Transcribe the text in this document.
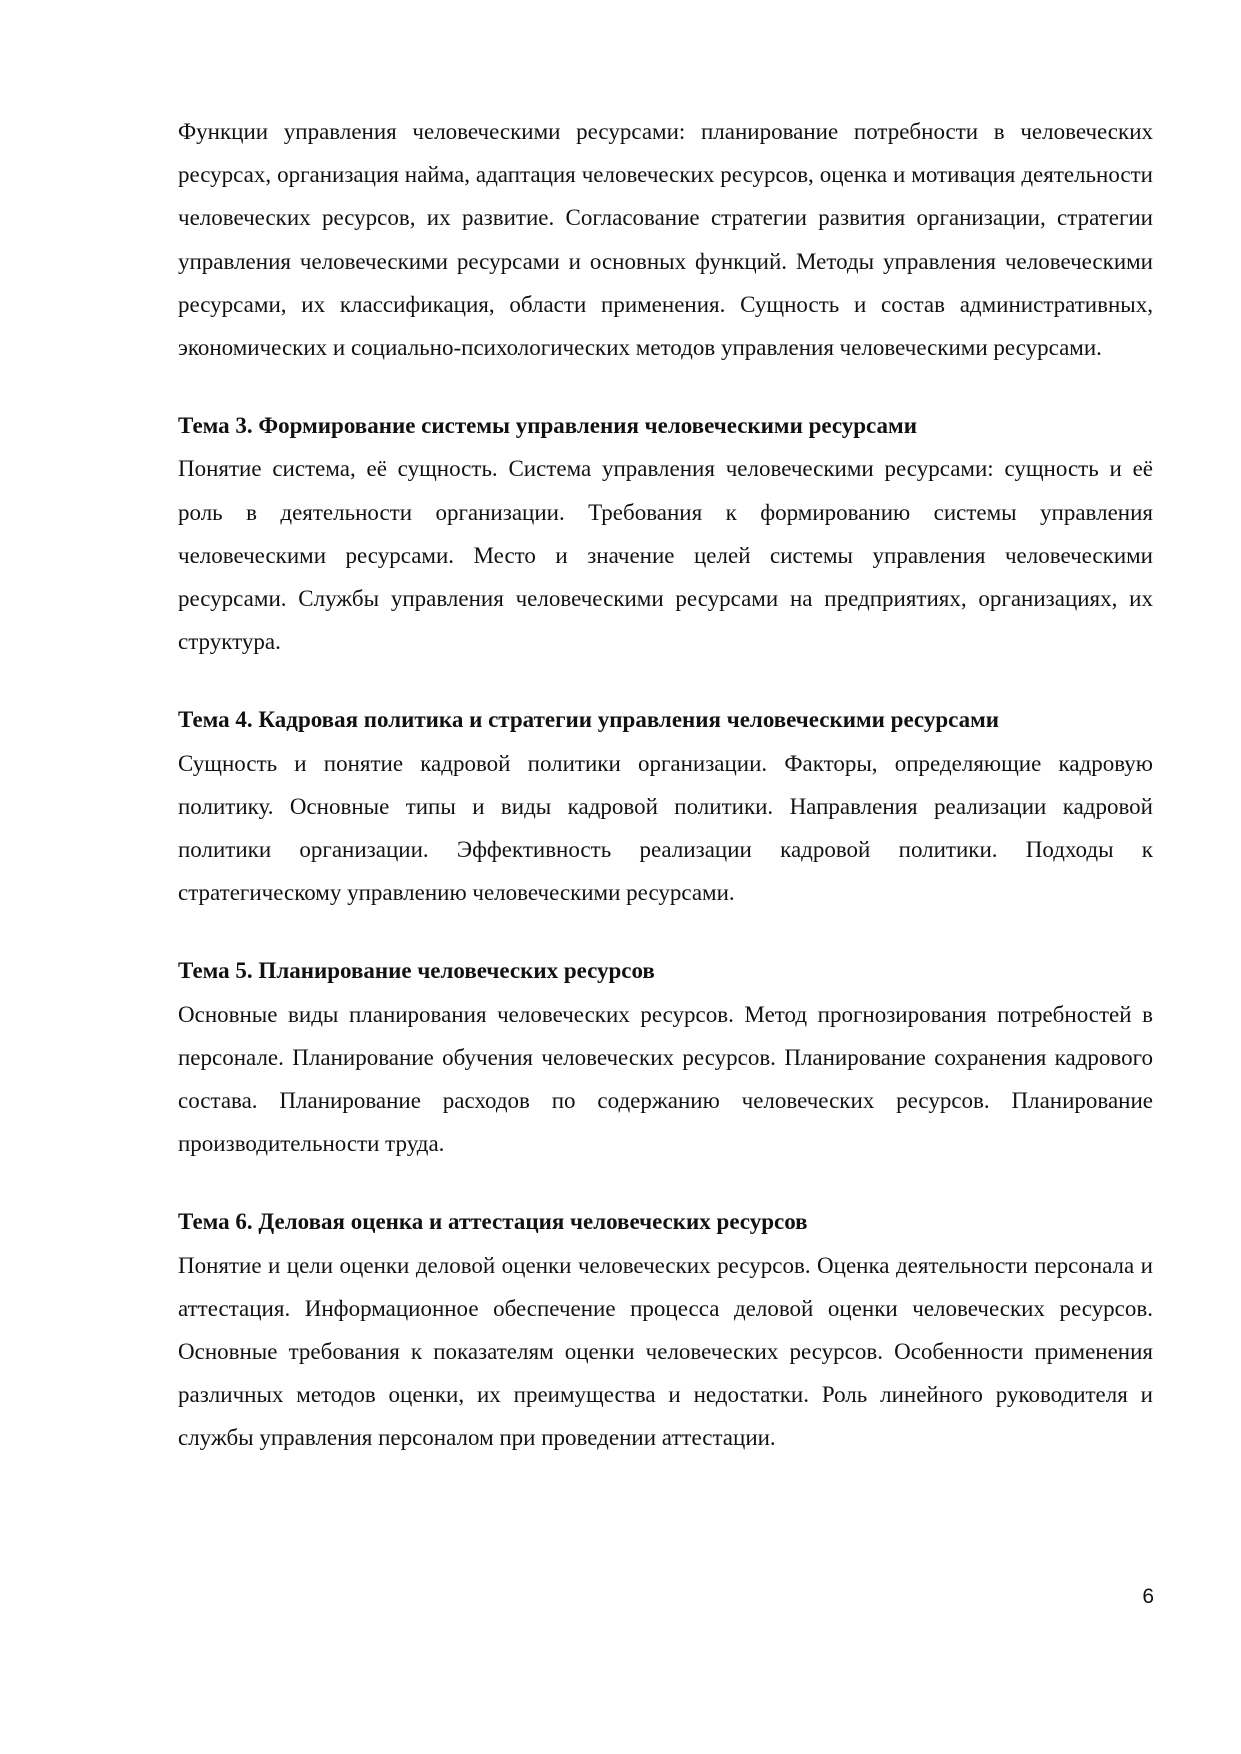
Функции управления человеческими ресурсами: планирование потребности в человеческих ресурсах, организация найма, адаптация человеческих ресурсов, оценка и мотивация деятельности человеческих ресурсов, их развитие. Согласование стратегии развития организации, стратегии управления человеческими ресурсами и основных функций. Методы управления человеческими ресурсами, их классификация, области применения. Сущность и состав административных, экономических и социально-психологических методов управления человеческими ресурсами.

Тема 3. Формирование системы управления человеческими ресурсами

Понятие система, её сущность. Система управления человеческими ресурсами: сущность и её роль в деятельности организации. Требования к формированию системы управления человеческими ресурсами. Место и значение целей системы управления человеческими ресурсами. Службы управления человеческими ресурсами на предприятиях, организациях, их структура.

Тема 4. Кадровая политика и стратегии управления человеческими ресурсами

Сущность и понятие кадровой политики организации. Факторы, определяющие кадровую политику. Основные типы и виды кадровой политики. Направления реализации кадровой политики организации. Эффективность реализации кадровой политики. Подходы к стратегическому управлению человеческими ресурсами.

Тема 5. Планирование человеческих ресурсов

Основные виды планирования человеческих ресурсов. Метод прогнозирования потребностей в персонале. Планирование обучения человеческих ресурсов. Планирование сохранения кадрового состава. Планирование расходов по содержанию человеческих ресурсов. Планирование производительности труда.

Тема 6. Деловая оценка и аттестация человеческих ресурсов

Понятие и цели оценки деловой оценки человеческих ресурсов. Оценка деятельности персонала и аттестация. Информационное обеспечение процесса деловой оценки человеческих ресурсов. Основные требования к показателям оценки человеческих ресурсов. Особенности применения различных методов оценки, их преимущества и недостатки. Роль линейного руководителя и службы управления персоналом при проведении аттестации.

6
